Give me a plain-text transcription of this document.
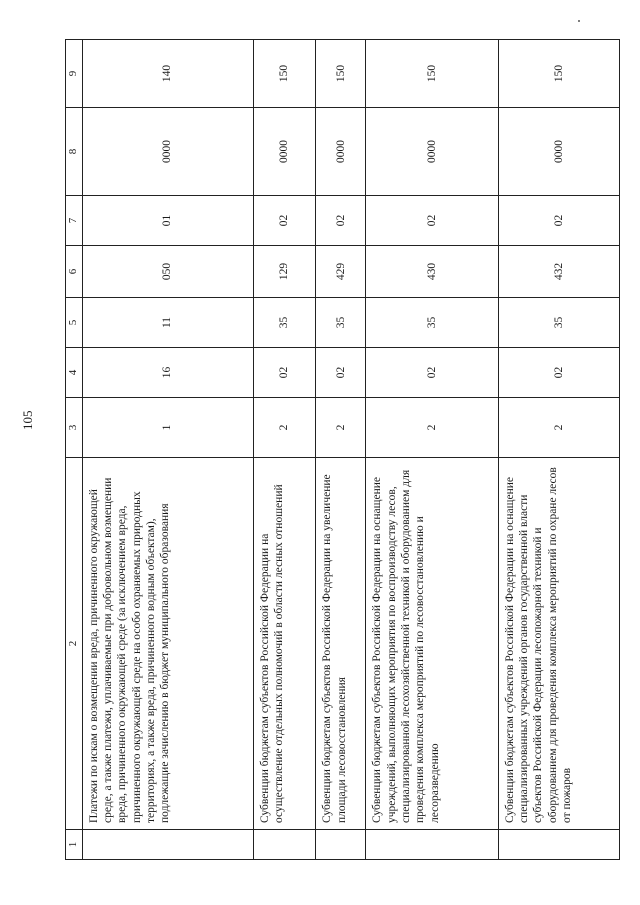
105
1	2	3	4	5	6	7	8	9
	Платежи по искам о возмещении вреда, причиненного окружающей среде, а также платежи, уплачиваемые при добровольном возмещении вреда, причиненного окружающей среде (за исключением вреда, причиненного окружающей среде на особо охраняемых природных территориях, а также вреда, причиненного водным объектам), подлежащие зачислению в бюджет муниципального образования	1	16	11	050	01	0000	140
	Субвенции бюджетам субъектов Российской Федерации на осуществление отдельных полномочий в области лесных отношений	2	02	35	129	02	0000	150
	Субвенции бюджетам субъектов Российской Федерации на увеличение площади лесовосстановления	2	02	35	429	02	0000	150
	Субвенции бюджетам субъектов Российской Федерации на оснащение учреждений, выполняющих мероприятия по воспроизводству лесов, специализированной лесохозяйственной техникой и оборудованием для проведения комплекса мероприятий по лесовосстановлению и лесоразведению	2	02	35	430	02	0000	150
	Субвенции бюджетам субъектов Российской Федерации на оснащение специализированных учреждений органов государственной власти субъектов Российской Федерации лесопожарной техникой и оборудованием для проведения комплекса мероприятий по охране лесов от пожаров	2	02	35	432	02	0000	150
